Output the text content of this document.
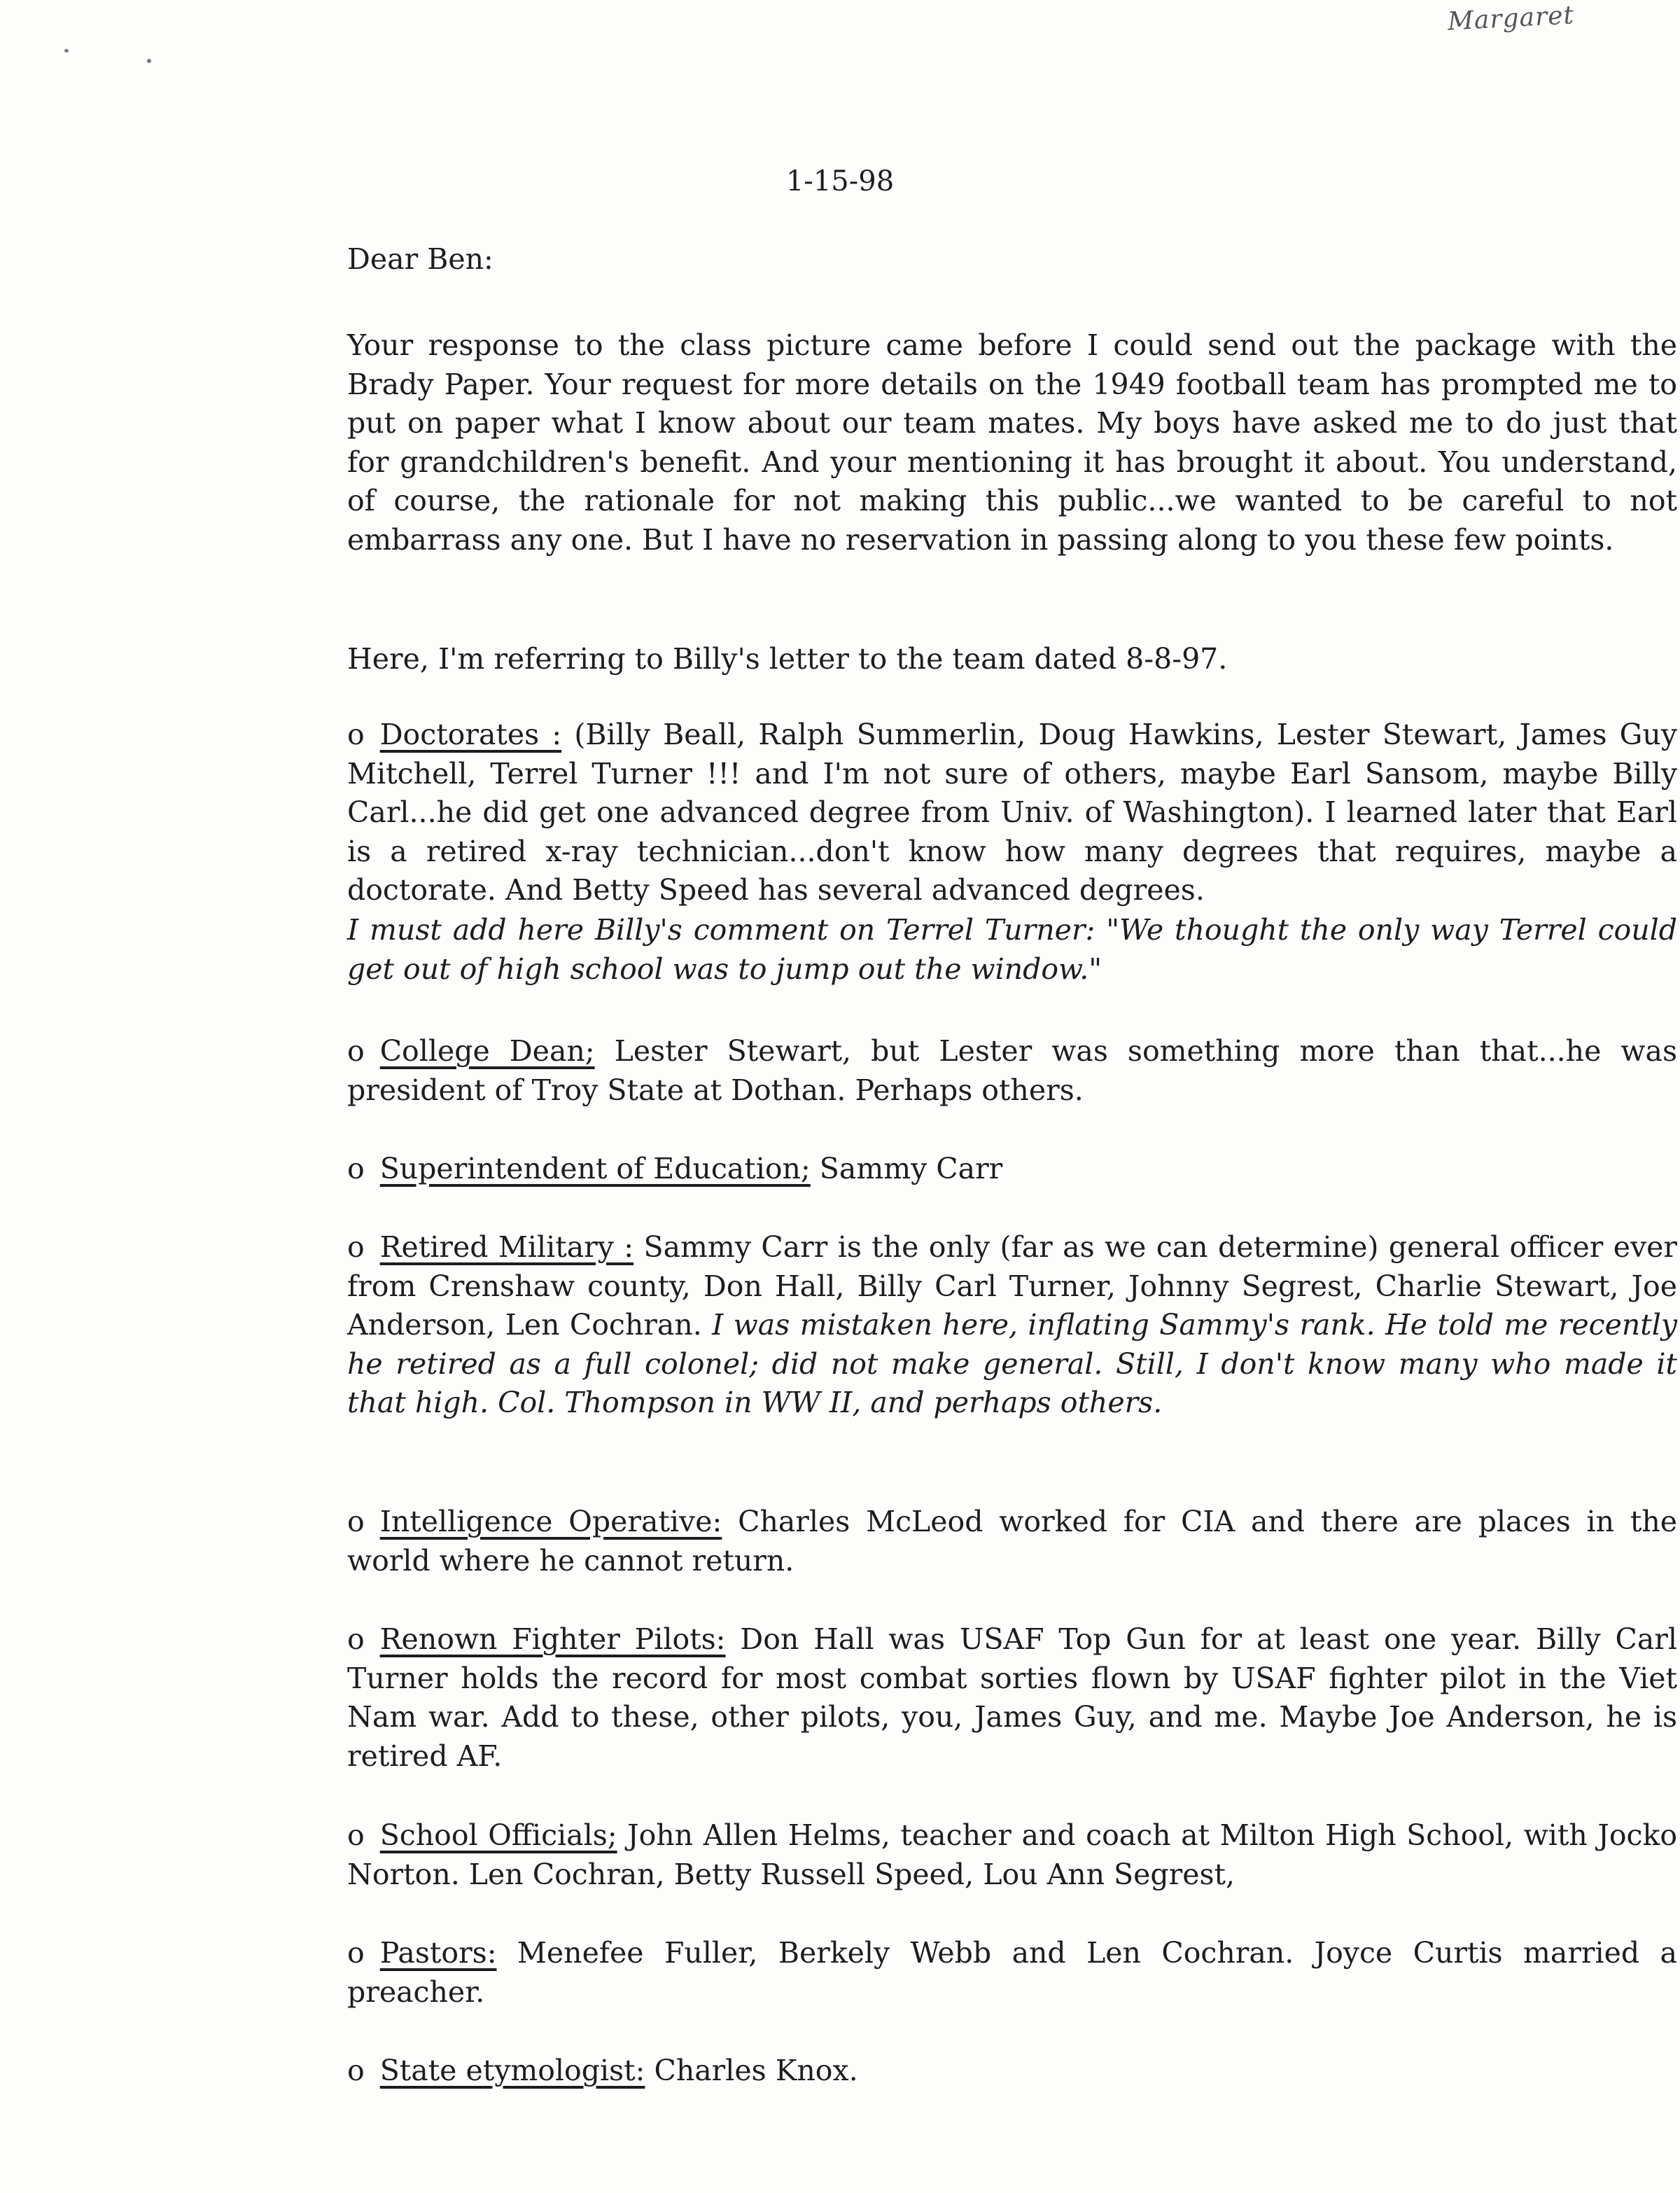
Margaret
1-15-98
Dear Ben:

Your response to the class picture came before I could send out the package with the Brady Paper. Your request for more details on the 1949 football team has prompted me to put on paper what I know about our team mates. My boys have asked me to do just that for grandchildren's benefit. And your mentioning it has brought it about. You understand, of course, the rationale for not making this public...we wanted to be careful to not embarrass any one. But I have no reservation in passing along to you these few points.

Here, I'm referring to Billy's letter to the team dated 8-8-97.

o Doctorates : (Billy Beall, Ralph Summerlin, Doug Hawkins, Lester Stewart, James Guy Mitchell, Terrel Turner !!! and I'm not sure of others, maybe Earl Sansom, maybe Billy Carl...he did get one advanced degree from Univ. of Washington). I learned later that Earl is a retired x-ray technician...don't know how many degrees that requires, maybe a doctorate. And Betty Speed has several advanced degrees.

I must add here Billy's comment on Terrel Turner: "We thought the only way Terrel could get out of high school was to jump out the window."

o College Dean; Lester Stewart, but Lester was something more than that...he was president of Troy State at Dothan. Perhaps others.

o Superintendent of Education; Sammy Carr

o Retired Military : Sammy Carr is the only (far as we can determine) general officer ever from Crenshaw county, Don Hall, Billy Carl Turner, Johnny Segrest, Charlie Stewart, Joe Anderson, Len Cochran. I was mistaken here, inflating Sammy's rank. He told me recently he retired as a full colonel; did not make general. Still, I don't know many who made it that high. Col. Thompson in WW II, and perhaps others.

o Intelligence Operative: Charles McLeod worked for CIA and there are places in the world where he cannot return.

o Renown Fighter Pilots: Don Hall was USAF Top Gun for at least one year. Billy Carl Turner holds the record for most combat sorties flown by USAF fighter pilot in the Viet Nam war. Add to these, other pilots, you, James Guy, and me. Maybe Joe Anderson, he is retired AF.

o School Officials; John Allen Helms, teacher and coach at Milton High School, with Jocko Norton. Len Cochran, Betty Russell Speed, Lou Ann Segrest,

o Pastors: Menefee Fuller, Berkely Webb and Len Cochran. Joyce Curtis married a preacher.

o State etymologist: Charles Knox.
